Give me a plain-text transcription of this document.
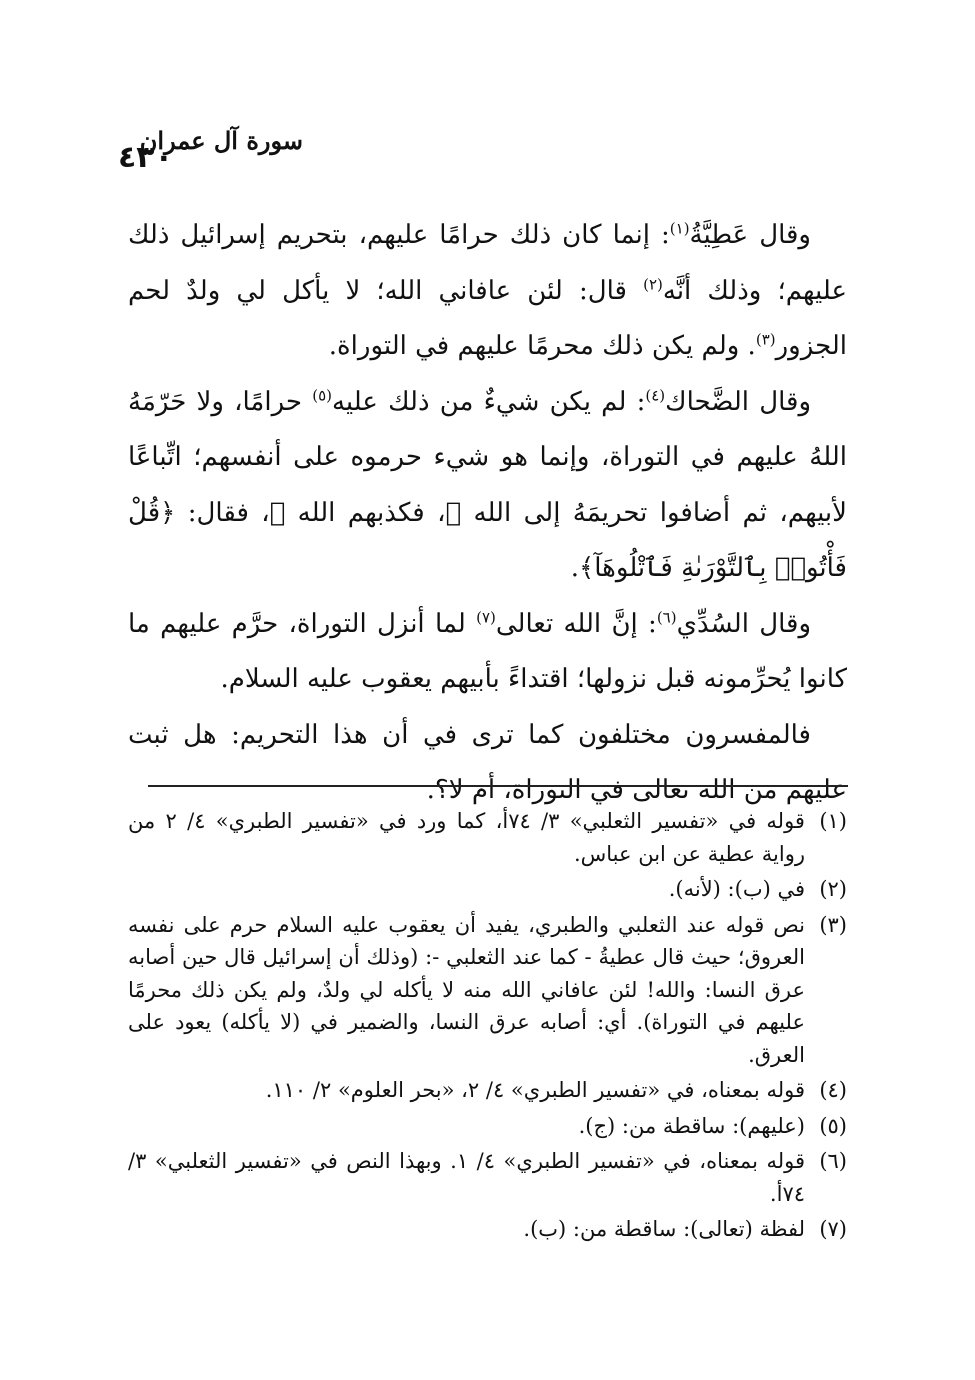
٤٣٠
سورة آل عمران

وقال عَطِيَّةُ$^{(١)}$: إنما كان ذلك حرامًا عليهم، بتحريم إسرائيل ذلك عليهم؛ وذلك أنَّه$^{(٢)}$ قال: لئن عافاني الله؛ لا يأكل لي ولدٌ لحم الجزور$^{(٣)}$. ولم يكن ذلك محرمًا عليهم في التوراة.

وقال الضَّحاك$^{(٤)}$: لم يكن شيءٌ من ذلك عليه$^{(٥)}$ حرامًا، ولا حَرّمَهُ اللهُ عليهم في التوراة، وإنما هو شيء حرموه على أنفسهم؛ اتِّباعًا لأبيهم، ثم أضافوا تحريمَهُ إلى الله ﷻ، فكذبهم الله ﷻ، فقال: ﴿قُلْ فَأْتُوا۟ بِٱلتَّوْرَىٰةِ فَٱتْلُوهَآ﴾.

وقال السُدِّي$^{(٦)}$: إنَّ الله تعالى$^{(٧)}$ لما أنزل التوراة، حرَّم عليهم ما كانوا يُحرِّمونه قبل نزولها؛ اقتداءً بأبيهم يعقوب عليه السلام.

فالمفسرون مختلفون كما ترى في أن هذا التحريم: هل ثبت عليهم من الله تعالى في التوراة، أم لا؟.

(١)
قوله في «تفسير الثعلبي» ٣/ ٧٤أ، كما ورد في «تفسير الطبري» ٤/ ٢ من رواية عطية عن ابن عباس.
(٢)
في (ب): (لأنه).
(٣)
نص قوله عند الثعلبي والطبري، يفيد أن يعقوب عليه السلام حرم على نفسه العروق؛ حيث قال عطيةُ - كما عند الثعلبي -: (وذلك أن إسرائيل قال حين أصابه عرق النسا: والله! لئن عافاني الله منه لا يأكله لي ولدٌ، ولم يكن ذلك محرمًا عليهم في التوراة). أي: أصابه عرق النسا، والضمير في (لا يأكله) يعود على العرق.
(٤)
قوله بمعناه، في «تفسير الطبري» ٤/ ٢، «بحر العلوم» ٢/ ١١٠.
(٥)
(عليهم): ساقطة من: (ج).
(٦)
قوله بمعناه، في «تفسير الطبري» ٤/ ١. وبهذا النص في «تفسير الثعلبي» ٣/ ٧٤أ.
(٧)
لفظة (تعالى): ساقطة من: (ب).
